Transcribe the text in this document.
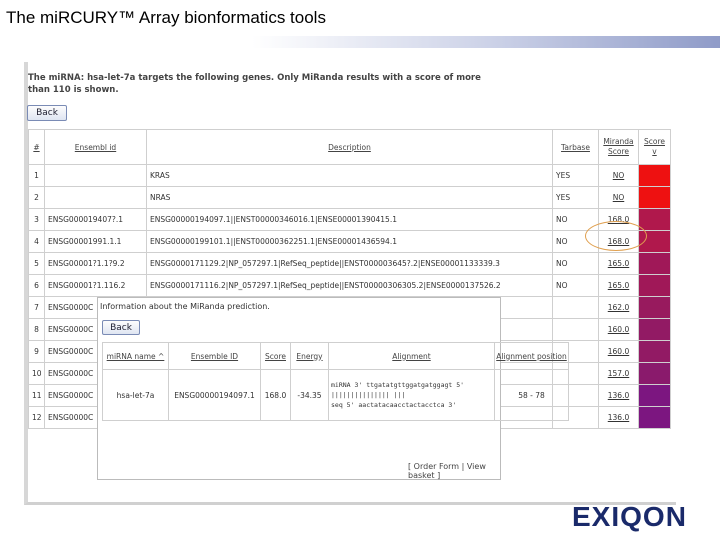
The miRCURY™ Array bionformatics tools
The miRNA: hsa-let-7a targets the following genes. Only MiRanda results with a score of more than 110 is shown.
Back
#	Ensembl id	Description	Tarbase	Miranda Score	Score v
1		KRAS	YES	NO	
2		NRAS	YES	NO	
3	ENSG000019407?.1	ENSG00000194097.1||ENST00000346016.1|ENSE00001390415.1	NO	168.0	
4	ENSG00001991.1.1	ENSG00000199101.1||ENST00000362251.1|ENSE00001436594.1	NO	168.0	
5	ENSG00001?1.1?9.2	ENSG0000171129.2|NP_057297.1|RefSeq_peptide||ENST000003645?.2|ENSE00001133339.3	NO	165.0	
6	ENSG00001?1.116.2	ENSG0000171116.2|NP_057297.1|RefSeq_peptide||ENST00000306305.2|ENSE0000137526.2	NO	165.0	
7	ENSG0000C			162.0	
8	ENSG0000C			160.0	
9	ENSG0000C			160.0	
10	ENSG0000C			157.0	
11	ENSG0000C			136.0	
12	ENSG0000C			136.0	
Information about the MiRanda prediction.
Back
miRNA name ^	Ensemble ID	Score	Energy	Alignment	Alignment position
hsa-let-7a	ENSG00000194097.1	168.0	-34.35	miRNA 3' ttgatatgttggatgatggagt 5'
||||||||||||||| |||
seq 5' aactatacaacctactacctca 3'	58 - 78
[ Order Form | View basket ]
EXIQON
